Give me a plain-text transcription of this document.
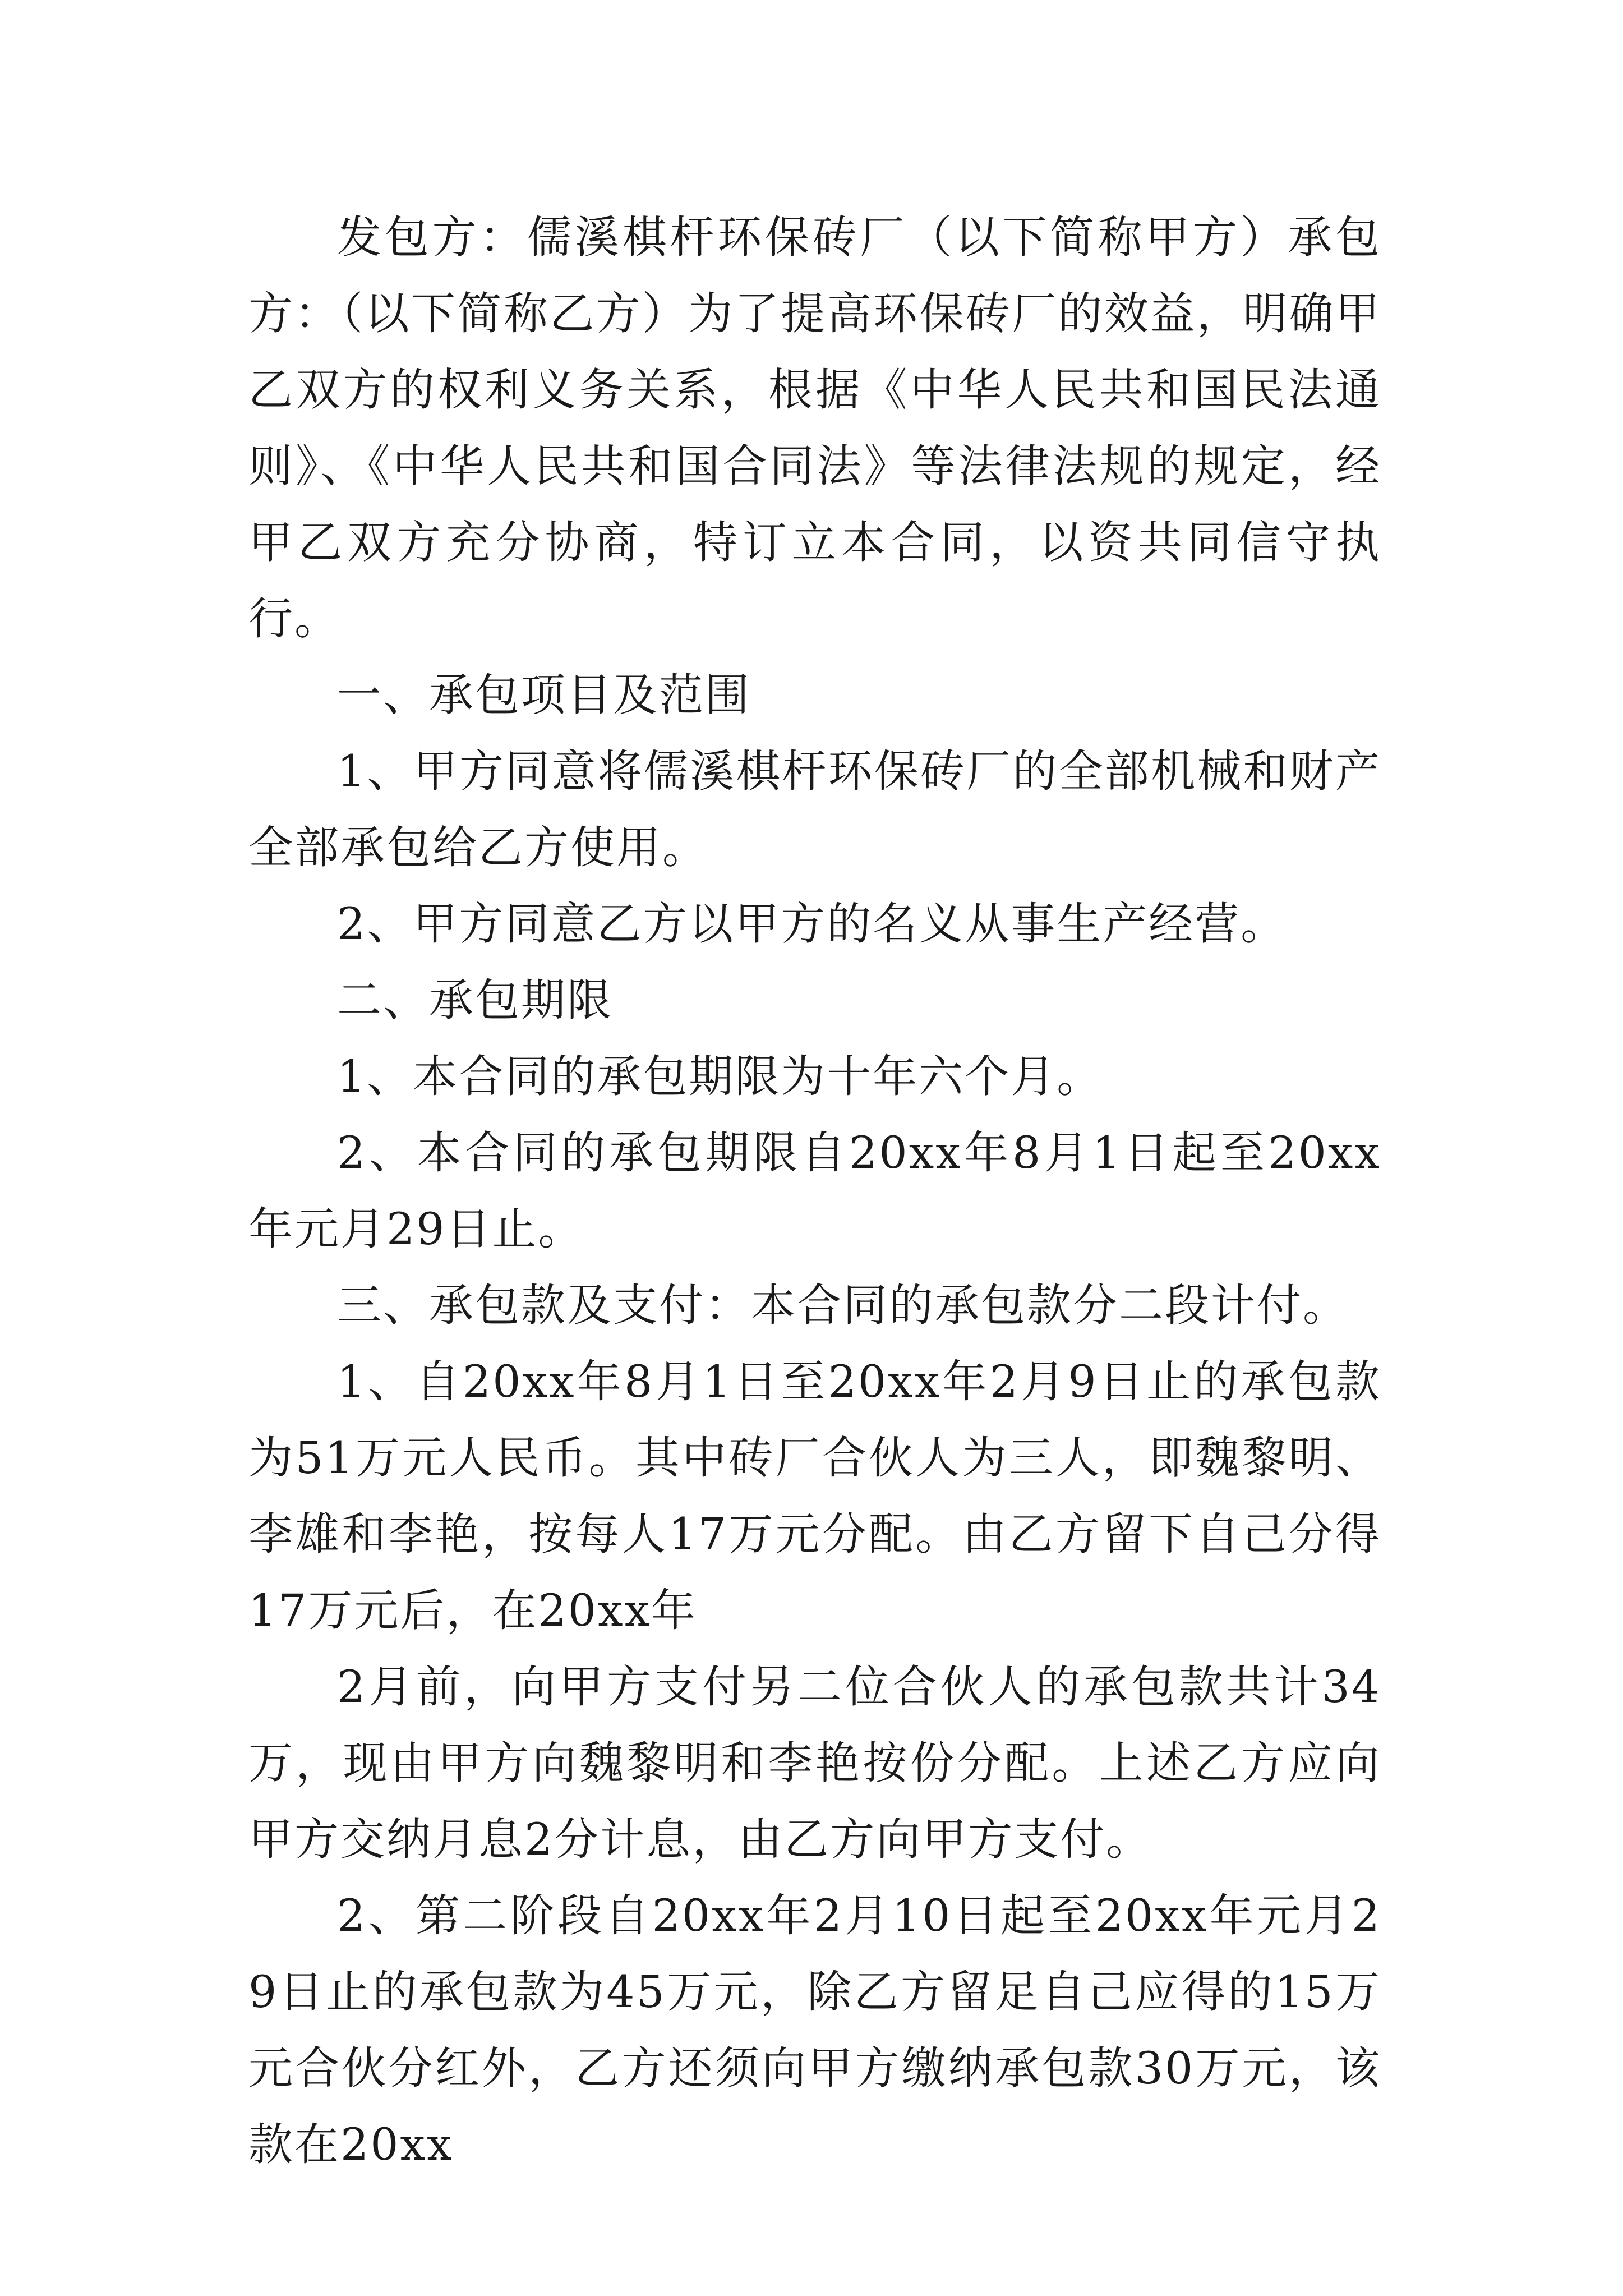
发包方：儒溪棋杆环保砖厂（以下简称甲方）承包方：（以下简称乙方）为了提高环保砖厂的效益，明确甲乙双方的权利义务关系，根据《中华人民共和国民法通则》、《中华人民共和国合同法》等法律法规的规定，经甲乙双方充分协商，特订立本合同，以资共同信守执行。

一、承包项目及范围

1、甲方同意将儒溪棋杆环保砖厂的全部机械和财产全部承包给乙方使用。

2、甲方同意乙方以甲方的名义从事生产经营。

二、承包期限

1、本合同的承包期限为十年六个月。

2、本合同的承包期限自20xx年8月1日起至20xx年元月29日止。

三、承包款及支付：本合同的承包款分二段计付。

1、自20xx年8月1日至20xx年2月9日止的承包款为51万元人民币。其中砖厂合伙人为三人，即魏黎明、李雄和李艳，按每人17万元分配。由乙方留下自己分得17万元后，在20xx年

2月前，向甲方支付另二位合伙人的承包款共计34万，现由甲方向魏黎明和李艳按份分配。上述乙方应向甲方交纳月息2分计息，由乙方向甲方支付。

2、第二阶段自20xx年2月10日起至20xx年元月29日止的承包款为45万元，除乙方留足自己应得的15万元合伙分红外，乙方还须向甲方缴纳承包款30万元，该款在20xx
